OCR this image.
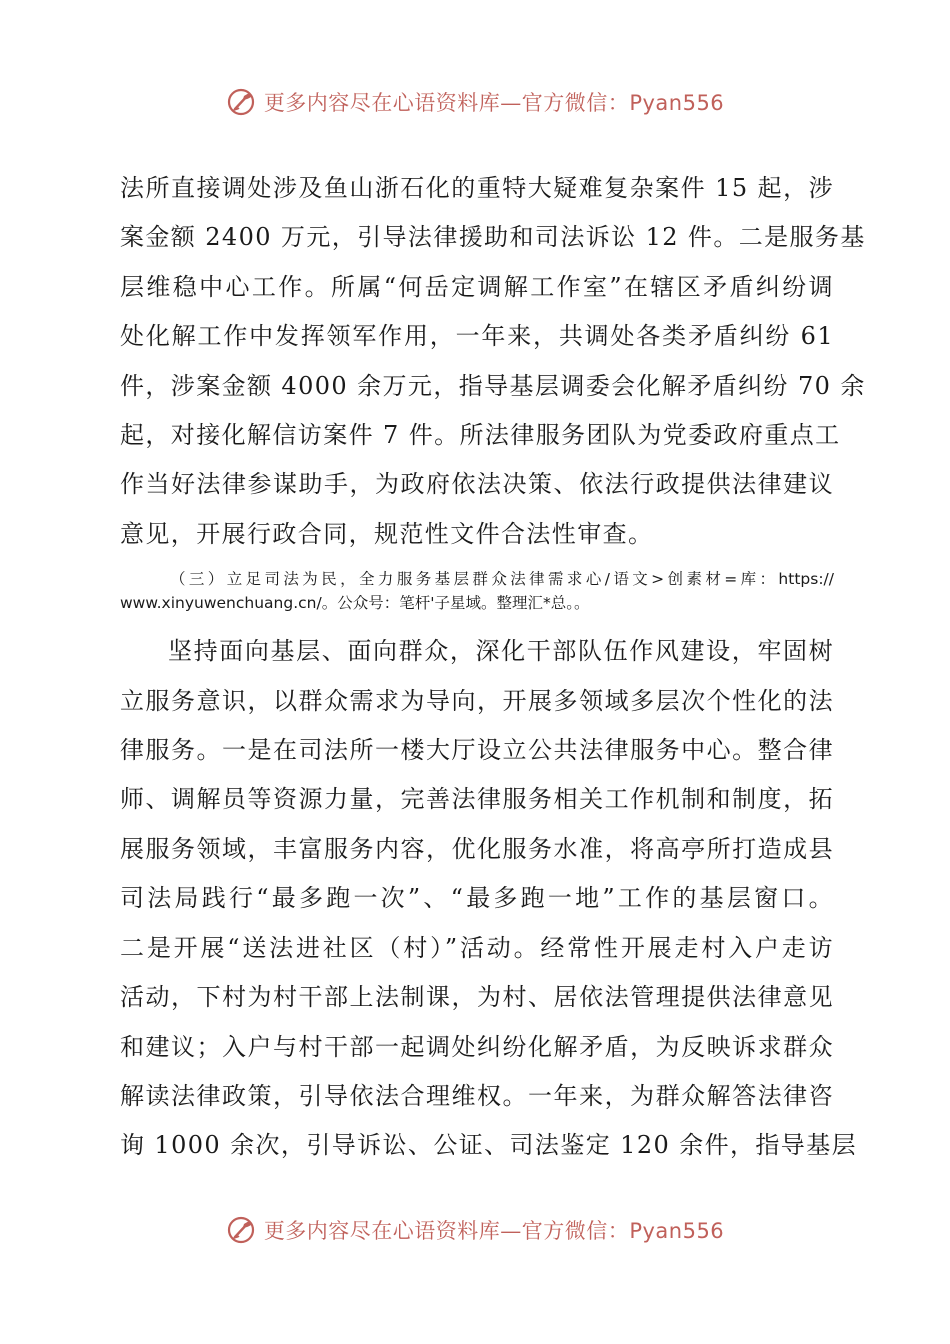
更多内容尽在心语资料库—官方微信：Pyan556

法所直接调处涉及鱼山浙石化的重特大疑难复杂案件 15 起，涉
案金额 2400 万元，引导法律援助和司法诉讼 12 件。二是服务基
层维稳中心工作。所属“何岳定调解工作室”在辖区矛盾纠纷调
处化解工作中发挥领军作用，一年来，共调处各类矛盾纠纷 61
件，涉案金额 4000 余万元，指导基层调委会化解矛盾纠纷 70 余
起，对接化解信访案件 7 件。所法律服务团队为党委政府重点工
作当好法律参谋助手，为政府依法决策、依法行政提供法律建议
意见，开展行政合同，规范性文件合法性审查。

（三）立足司法为民，全力服务基层群众法律需求心/语文>创素材=库：https://
www.xinyuwenchuang.cn/。公众号：笔杆'子星域。整理汇*总。。

坚持面向基层、面向群众，深化干部队伍作风建设，牢固树
立服务意识，以群众需求为导向，开展多领域多层次个性化的法
律服务。一是在司法所一楼大厅设立公共法律服务中心。整合律
师、调解员等资源力量，完善法律服务相关工作机制和制度，拓
展服务领域，丰富服务内容，优化服务水准，将高亭所打造成县
司法局践行“最多跑一次”、“最多跑一地”工作的基层窗口。
二是开展“送法进社区（村）”活动。经常性开展走村入户走访
活动，下村为村干部上法制课，为村、居依法管理提供法律意见
和建议；入户与村干部一起调处纠纷化解矛盾，为反映诉求群众
解读法律政策，引导依法合理维权。一年来，为群众解答法律咨
询 1000 余次，引导诉讼、公证、司法鉴定 120 余件，指导基层

更多内容尽在心语资料库—官方微信：Pyan556
